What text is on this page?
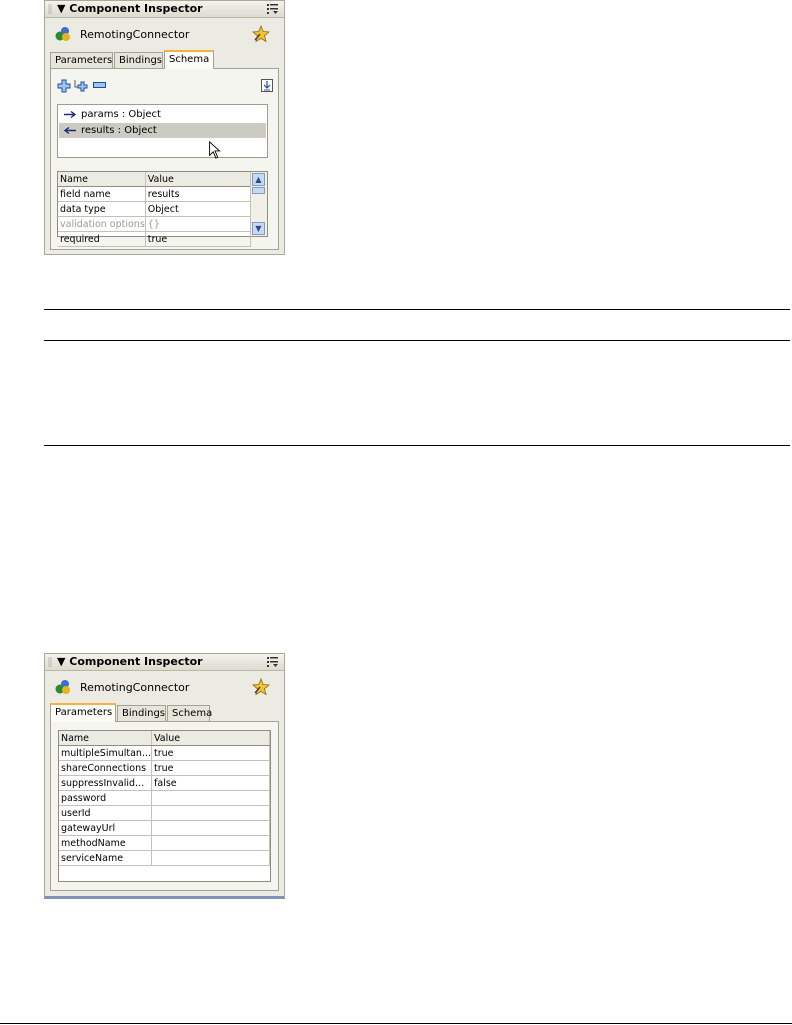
▼ Component Inspector
RemotingConnector
Parameters Bindings Schema
params : Object
results : Object
Name	Value
field name	results
data type	Object
validation options	{}
required	true
▲
▼
▼ Component Inspector
RemotingConnector
Parameters Bindings Schema
Name	Value
multipleSimultan...	true
shareConnections	true
suppressInvalid...	false
password	
userId	
gatewayUrl	
methodName	
serviceName	
